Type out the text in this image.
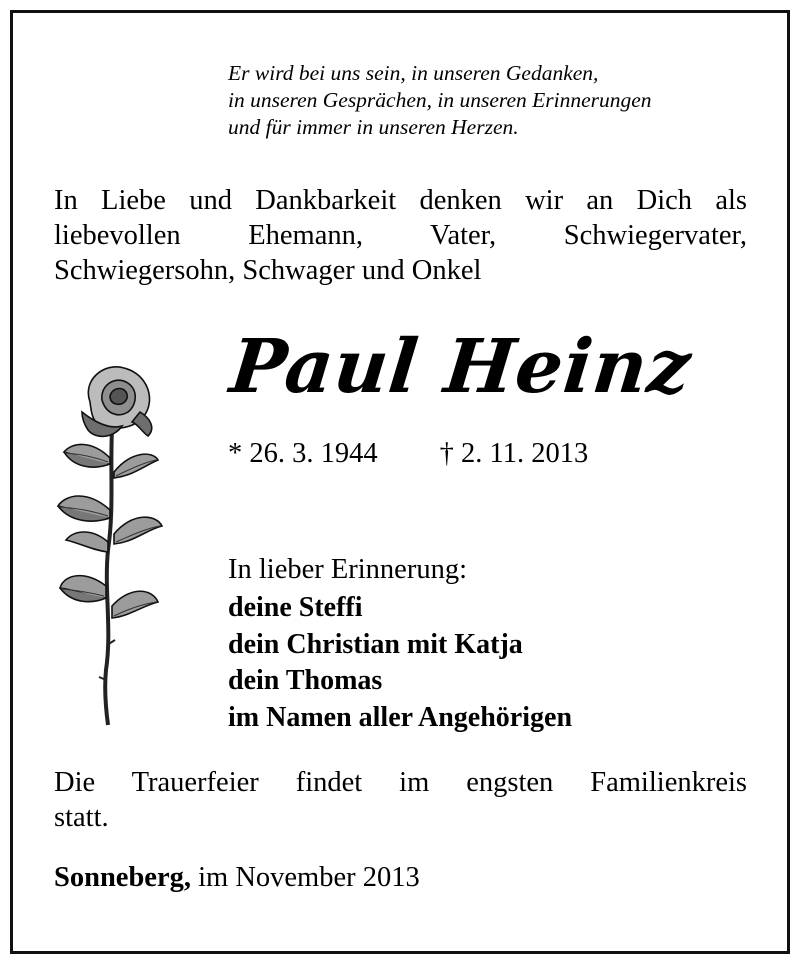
Er wird bei uns sein, in unseren Gedanken,
in unseren Gesprächen, in unseren Erinnerungen
und für immer in unseren Herzen.
In Liebe und Dankbarkeit denken wir an Dich als
liebevollen Ehemann, Vater, Schwiegervater,
Schwiegersohn, Schwager und Onkel
Paul Heinz
* 26. 3. 1944 † 2. 11. 2013
In lieber Erinnerung:
deine Steffi
dein Christian mit Katja
dein Thomas
im Namen aller Angehörigen
Die Trauerfeier findet im engsten Familienkreis
statt.
Sonneberg, im November 2013
